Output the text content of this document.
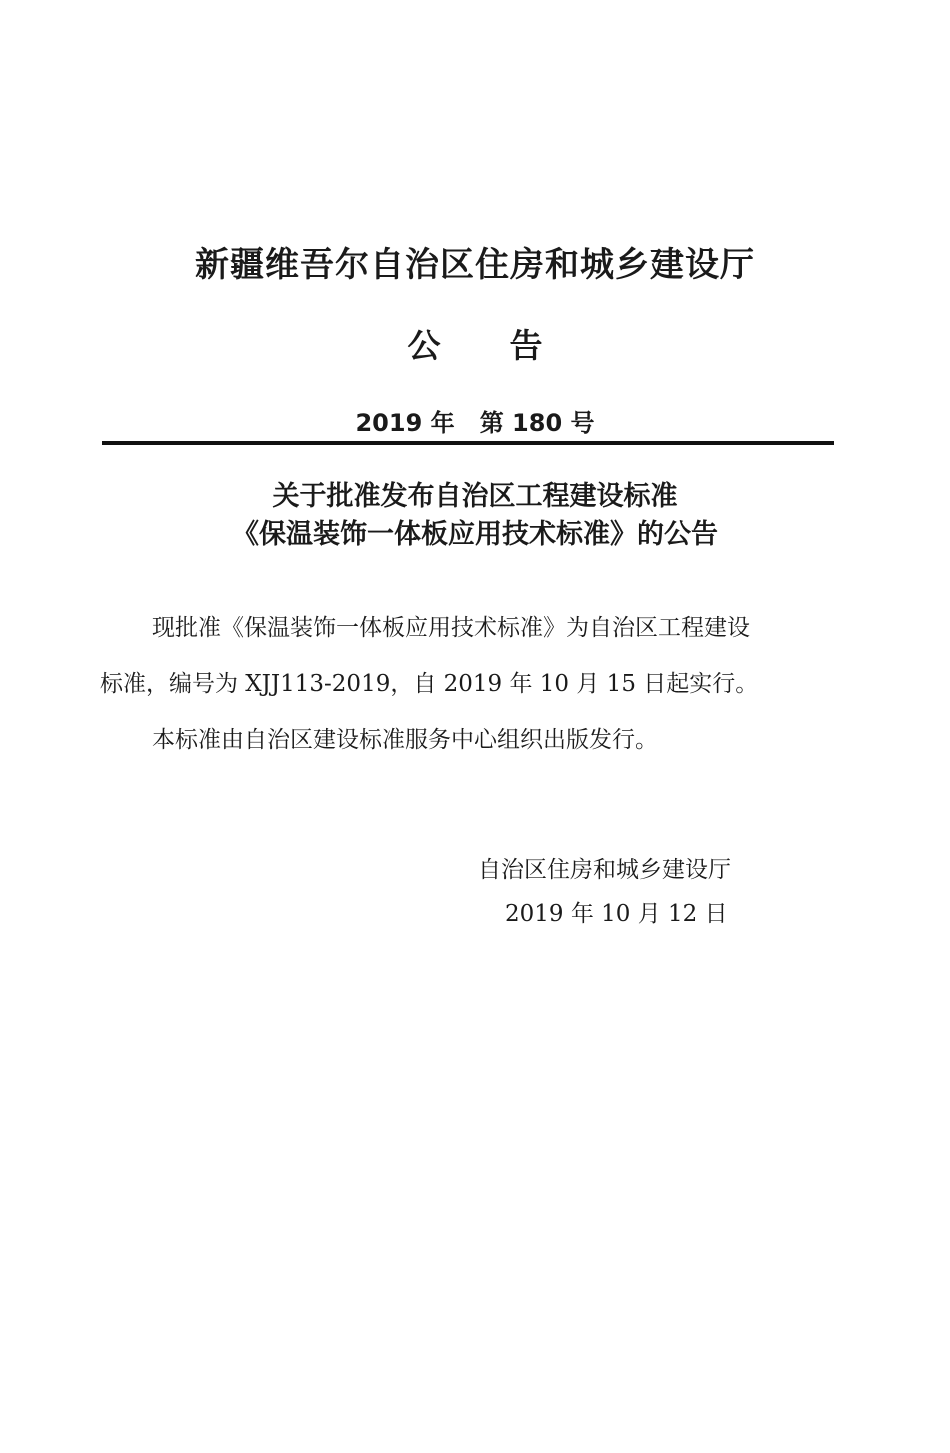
新疆维吾尔自治区住房和城乡建设厅
公      告
2019 年   第 180 号
关于批准发布自治区工程建设标准
《保温装饰一体板应用技术标准》的公告
现批准《保温装饰一体板应用技术标准》为自治区工程建设
标准，编号为 XJJ113-2019，自 2019 年 10 月 15 日起实行。
本标准由自治区建设标准服务中心组织出版发行。
自治区住房和城乡建设厅
2019 年 10 月 12 日
